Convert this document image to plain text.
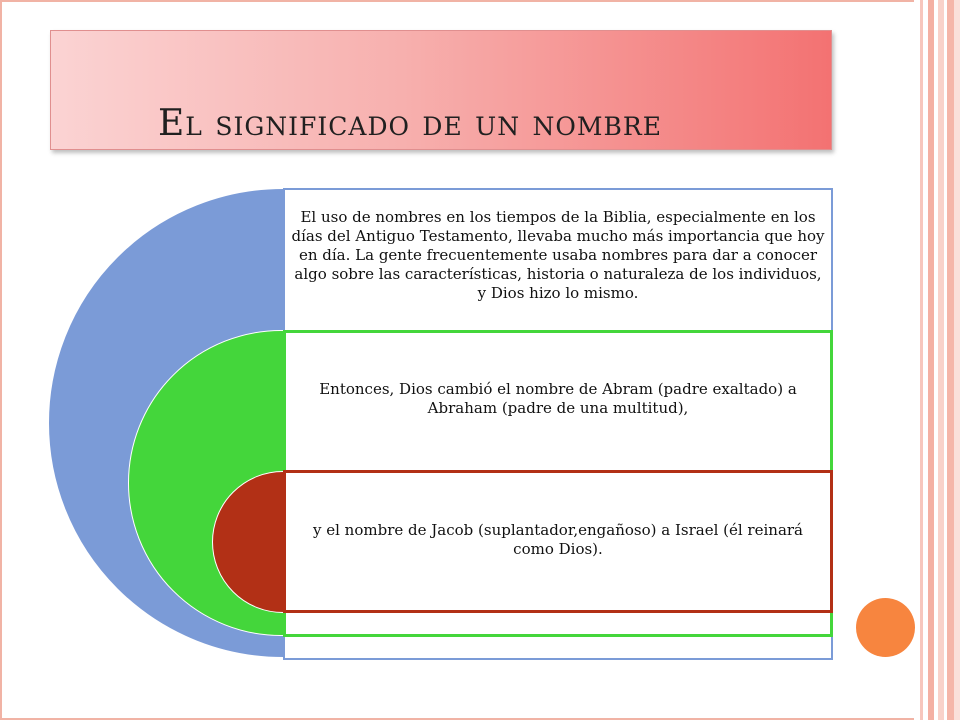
El significado de un nombre
El uso de nombres en los tiempos de la Biblia, especialmente en los días del Antiguo Testamento, llevaba mucho más importancia que hoy en día. La gente frecuentemente usaba nombres para dar a conocer algo sobre las características, historia o naturaleza de los individuos, y Dios hizo lo mismo.
Entonces, Dios cambió el nombre de Abram (padre exaltado) a Abraham (padre de una multitud),
y el nombre de Jacob (suplantador,engañoso) a Israel (él reinará como Dios).
